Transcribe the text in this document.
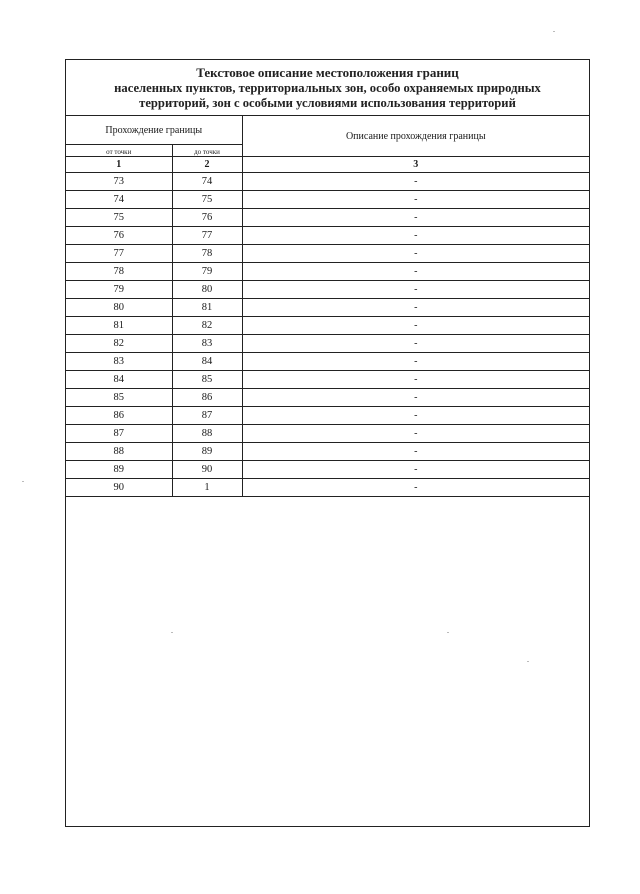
Текстовое описание местоположения границ
населенных пунктов, территориальных зон, особо охраняемых природных
территорий, зон с особыми условиями использования территорий
Прохождение границы		Описание прохождения границы
от точки	до точки	
1	2	3
73	74	-
74	75	-
75	76	-
76	77	-
77	78	-
78	79	-
79	80	-
80	81	-
81	82	-
82	83	-
83	84	-
84	85	-
85	86	-
86	87	-
87	88	-
88	89	-
89	90	-
90	1	-
